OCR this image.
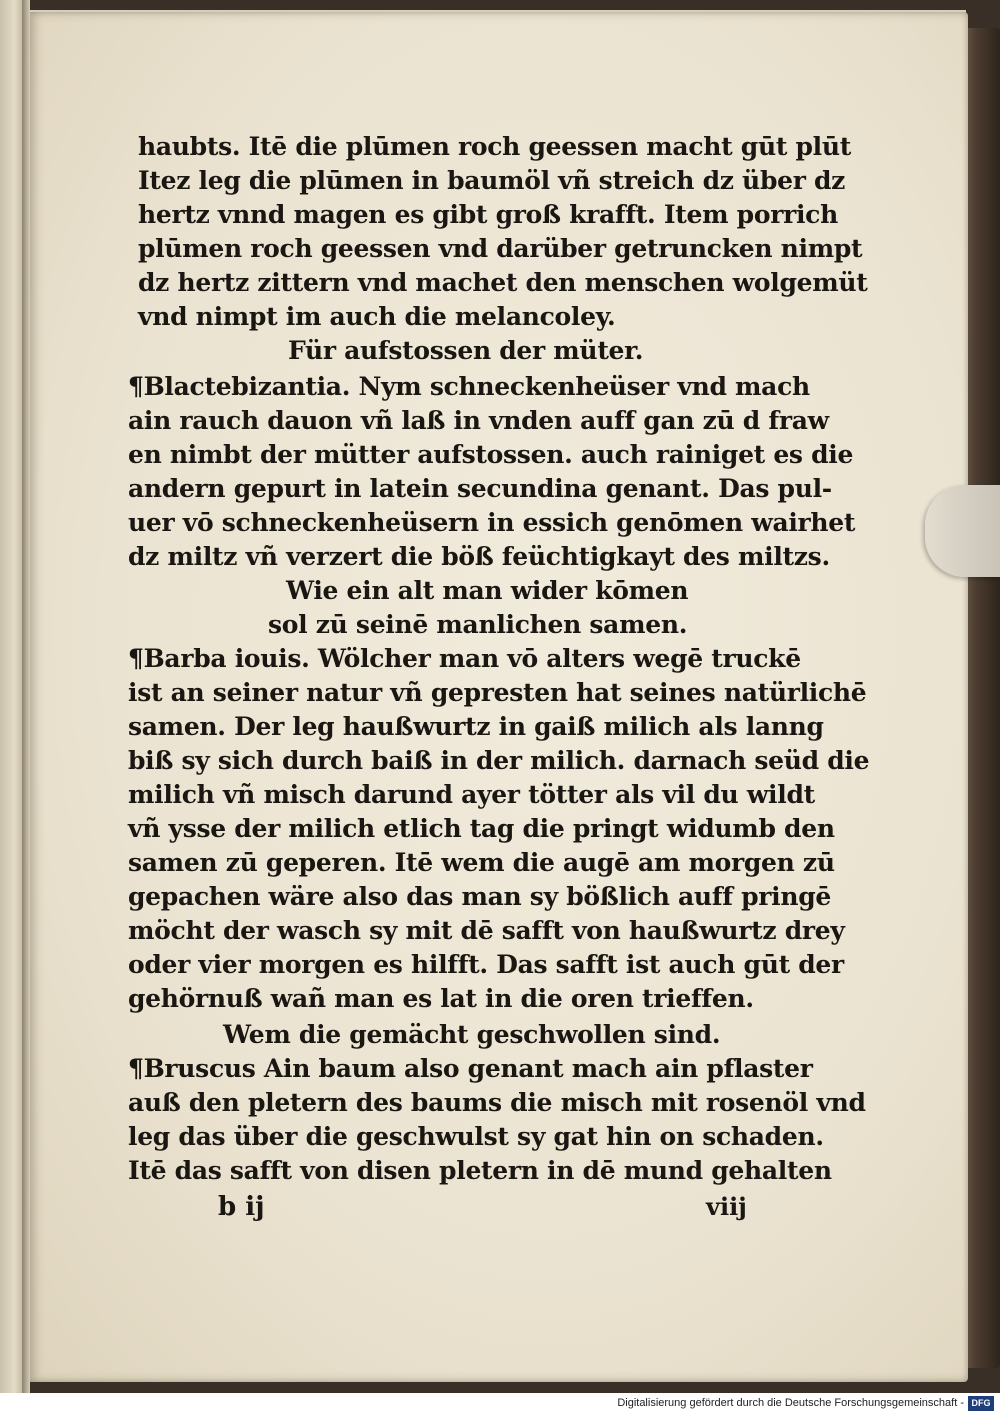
haubts. Itē die plūmen roch geessen macht gūt plūt
Itez leg die plūmen in baumöl vñ streich dz über dz
hertz vnnd magen es gibt groß krafft. Item porrich
plūmen roch geessen vnd darüber getruncken nimpt
dz hertz zittern vnd machet den menschen wolgemüt
vnd nimpt im auch die melancoley.
Für aufstossen der müter.
¶Blactebizantia. Nym schneckenheüser vnd mach
ain rauch dauon vñ laß in vnden auff gan zū d fraw
en nimbt der mütter aufstossen. auch rainiget es die
andern gepurt in latein secundina genant. Das pul-
uer vō schneckenheüsern in essich genōmen wairhet
dz miltz vñ verzert die böß feüchtigkayt des miltzs.
Wie ein alt man wider kōmen
sol zū seinē manlichen samen.
¶Barba iouis. Wölcher man vō alters wegē truckē
ist an seiner natur vñ gepresten hat seines natürlichē
samen. Der leg haußwurtz in gaiß milich als lanng
biß sy sich durch baiß in der milich. darnach seüd die
milich vñ misch darund ayer tötter als vil du wildt
vñ ysse der milich etlich tag die pringt widumb den
samen zū geperen. Itē wem die augē am morgen zū
gepachen wäre also das man sy bößlich auff pringē
möcht der wasch sy mit dē safft von haußwurtz drey
oder vier morgen es hilfft. Das safft ist auch gūt der
gehörnuß wañ man es lat in die oren trieffen.
Wem die gemächt geschwollen sind.
¶Bruscus Ain baum also genant mach ain pflaster
auß den pletern des baums die misch mit rosenöl vnd
leg das über die geschwulst sy gat hin on schaden.
Itē das safft von disen pletern in dē mund gehalten
b ij	viij
Digitalisierung gefördert durch die Deutsche Forschungsgemeinschaft - DFG
